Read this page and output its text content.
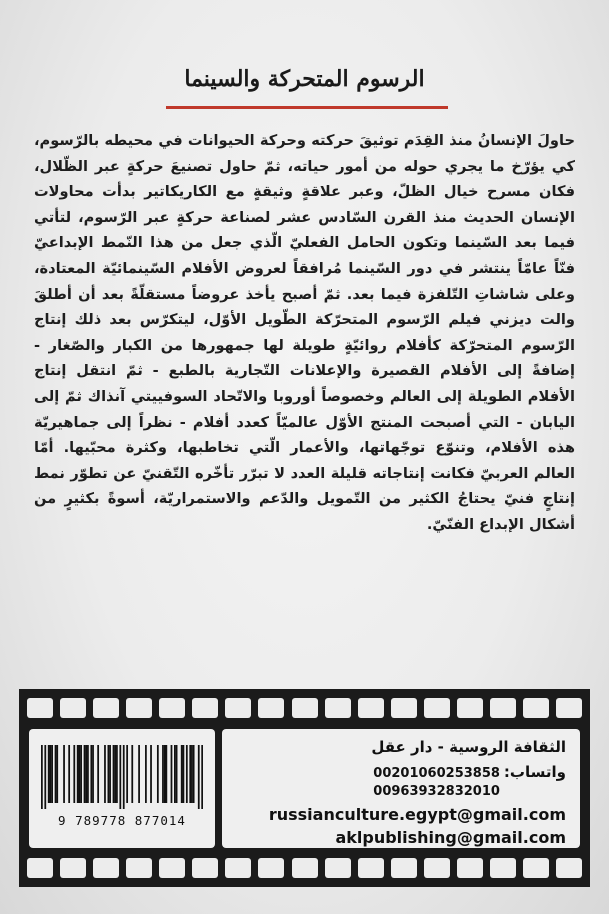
الرسوم المتحركة والسينما
حاولَ الإنسانُ منذ القِدَم توثيقَ حركته وحركة الحيوانات في محيطه بالرّسوم، كي يؤرّخ ما يجري حوله من أمور حياته، ثمّ حاول تصنيعَ حركةٍ عبر الظّلال، فكان مسرح خيال الظلّ، وعبر علاقةٍ وثيقةٍ مع الكاريكاتير بدأت محاولات الإنسان الحديث منذ القرن السّادس عشر لصناعة حركةٍ عبر الرّسوم، لتأتي فيما بعد السّينما وتكون الحامل الفعليّ الّذي جعل من هذا النّمط الإبداعيّ فنّاً عامّاً ينتشر في دور السّينما مُرافقاً لعروض الأفلام السّينمائيّة المعتادة، وعلى شاشاتِ التّلفزة فيما بعد. ثمّ أصبح يأخذ عروضاً مستقلّةً بعد أن أطلقَ والت ديزني فيلم الرّسوم المتحرّكة الطّويل الأوّل، ليتكرّس بعد ذلك إنتاج الرّسوم المتحرّكة كأفلام روائيّةٍ طويلة لها جمهورها من الكبار والصّغار - إضافةً إلى الأفلام القصيرة والإعلانات التّجارية بالطبع - ثمّ انتقل إنتاج الأفلام الطويلة إلى العالم وخصوصاً أوروبا والاتّحاد السوفييتي آنذاك ثمّ إلى اليابان - التي أصبحت المنتج الأوّل عالميّاً كعدد أفلام - نظراً إلى جماهيريّة هذه الأفلام، وتنوّع توجّهاتها، والأعمار الّتي تخاطبها، وكثرة محبّيها. أمّا العالم العربيّ فكانت إنتاجاته قليلة العدد لا تبرّر تأخّره التّقنيّ عن تطوّر نمط إنتاجٍ فنيّ يحتاجُ الكثير من التّمويل والدّعم والاستمراريّة، أسوةً بكثيرٍ من أشكال الإبداع الفنّيّ.
9 789778 877014
الثقافة الروسية - دار عقل
00201060253858
00963932832010
واتساب:
russianculture.egypt@gmail.com
aklpublishing@gmail.com
